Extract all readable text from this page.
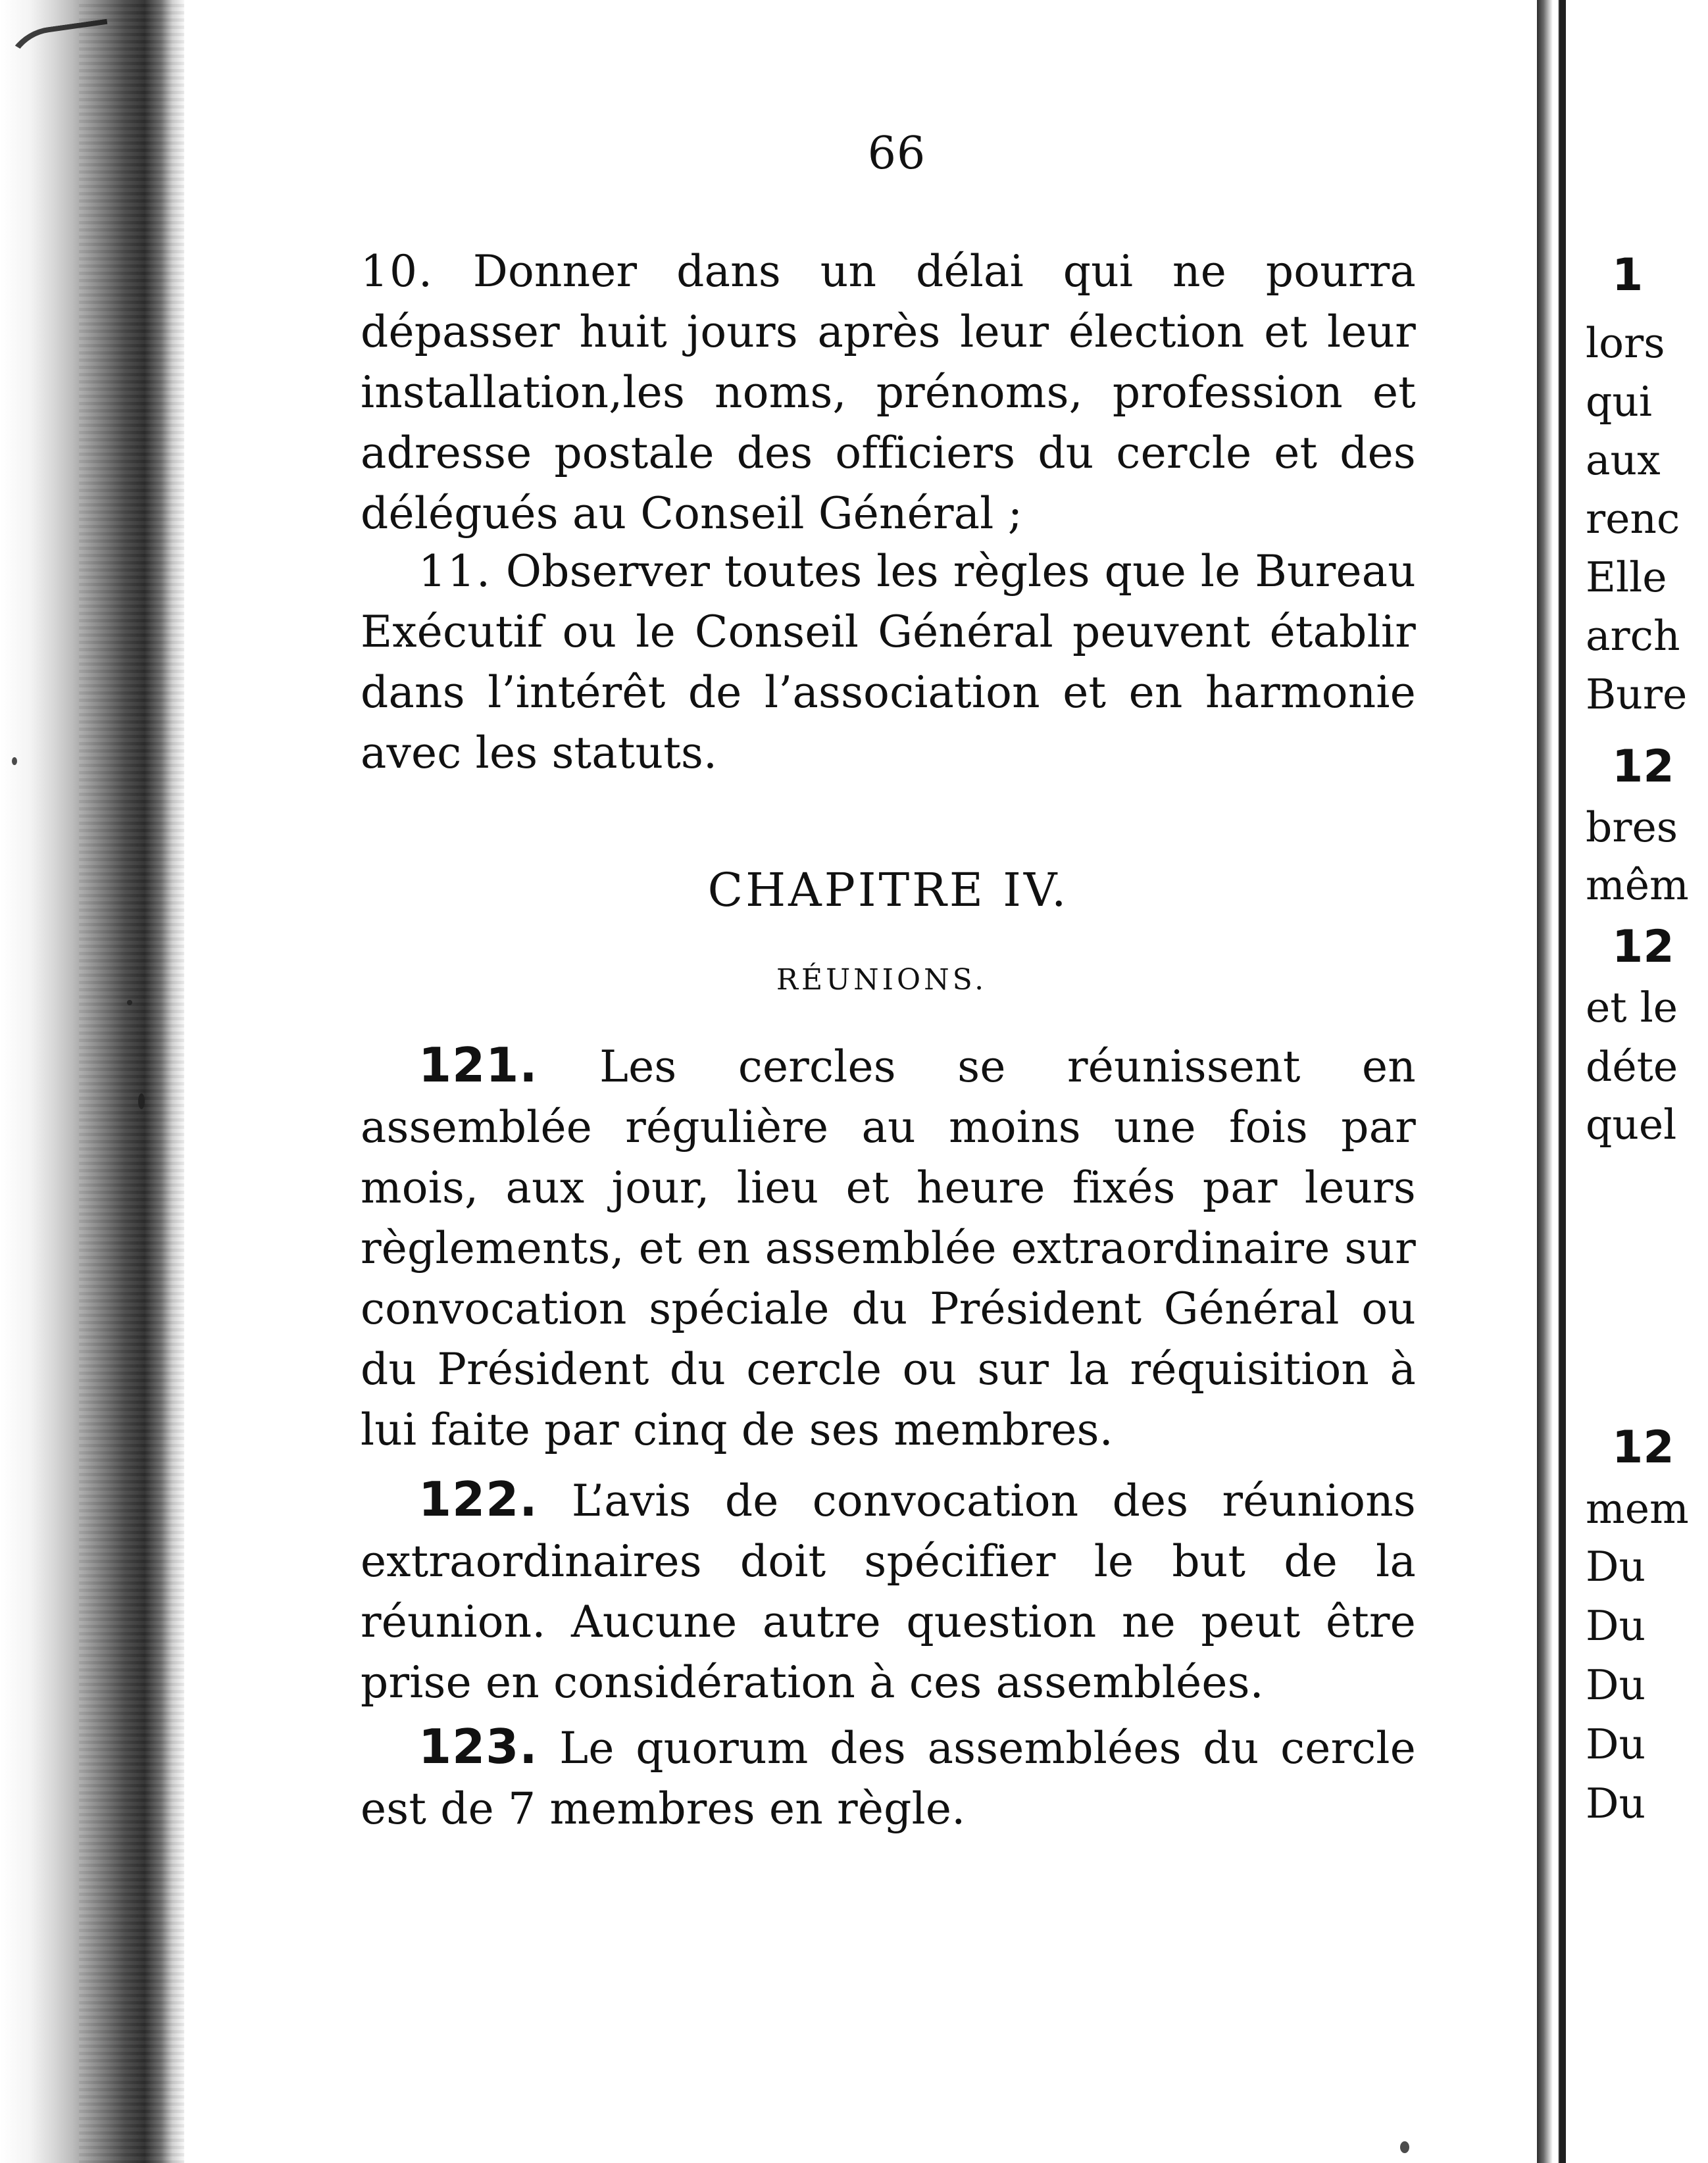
66

10. Donner dans un délai qui ne pourra dépasser huit jours après leur élection et leur installation,les noms, prénoms, profession et adresse postale des officiers du cercle et des délégués au Conseil Général ;

11. Observer toutes les règles que le Bureau Exécutif ou le Conseil Général peuvent établir dans l’intérêt de l’association et en harmonie avec les statuts.

CHAPITRE IV.
RÉUNIONS.

121. Les cercles se réunissent en assemblée régulière au moins une fois par mois, aux jour, lieu et heure fixés par leurs règlements, et en assemblée extraordinaire sur convocation spéciale du Président Général ou du Président du cercle ou sur la réquisition à lui faite par cinq de ses membres.

122. L’avis de convocation des réunions extraordinaires doit spécifier le but de la réunion. Aucune autre question ne peut être prise en considération à ces assemblées.

123. Le quorum des assemblées du cercle est de 7 membres en règle.

1
lors
qui
aux
renc
Elle
arch
Bure
12
bres
mêm
12
et le
déte
quel
12
mem
Du
Du
Du
Du
Du
